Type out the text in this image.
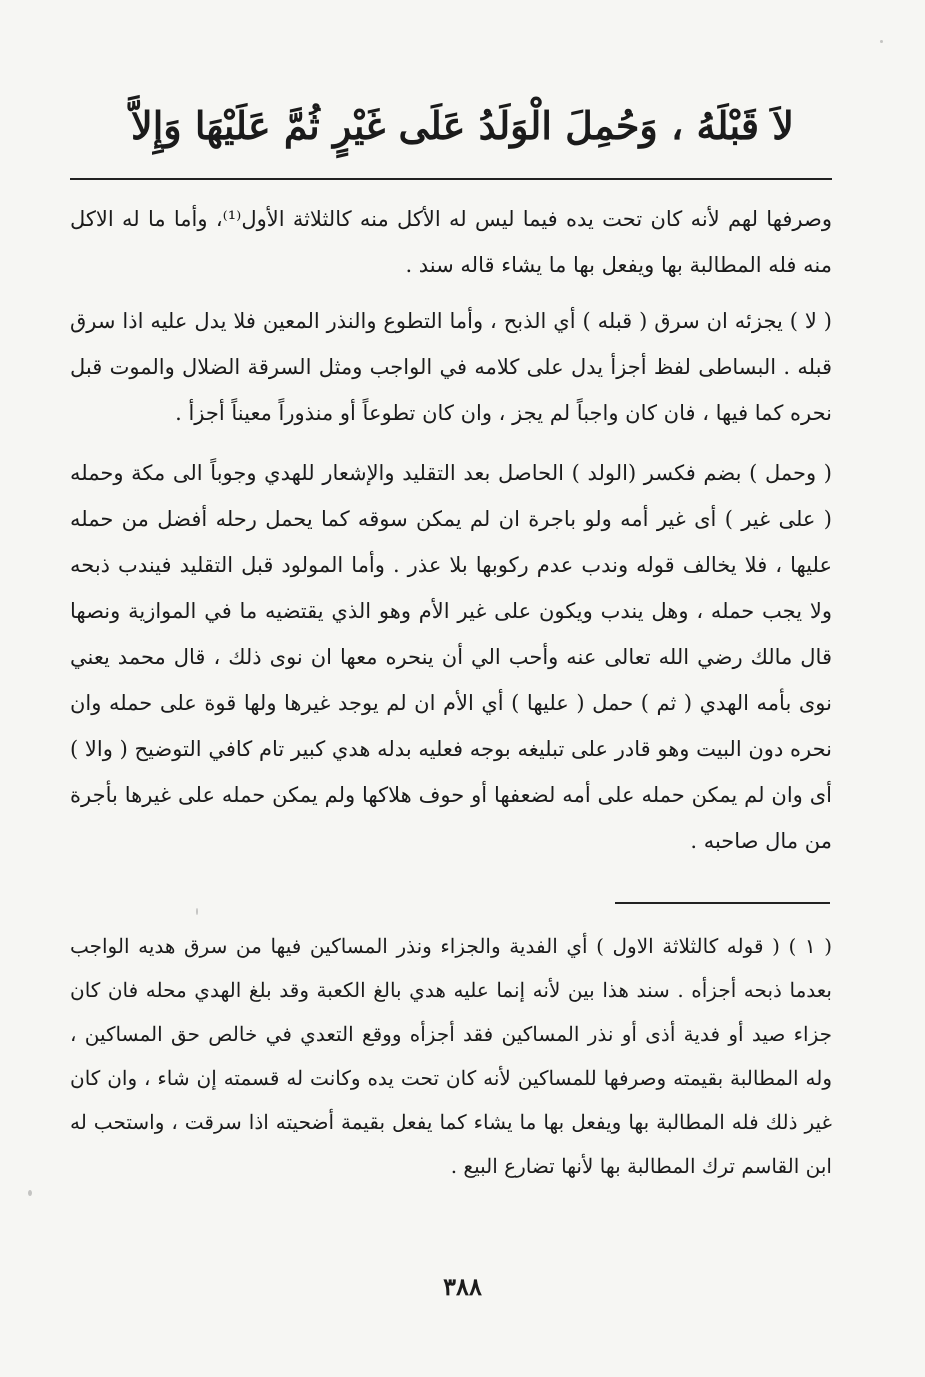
لاَ قَبْلَهُ ، وَحُمِلَ الْوَلَدُ عَلَى غَيْرٍ ثُمَّ عَلَيْهَا وَإِلاَّ

وصرفها لهم لأنه كان تحت يده فيما ليس له الأكل منه كالثلاثة الأول⁽¹⁾، وأما ما له الاكل منه فله المطالبة بها ويفعل بها ما يشاء قاله سند .

( لا ) يجزئه ان سرق ( قبله ) أي الذبح ، وأما التطوع والنذر المعين فلا يدل عليه اذا سرق قبله . البساطى لفظ أجزأ يدل على كلامه في الواجب ومثل السرقة الضلال والموت قبل نحره كما فيها ، فان كان واجباً لم يجز ، وان كان تطوعاً أو منذوراً معيناً أجزأ .

( وحمل ) بضم فكسر (الولد ) الحاصل بعد التقليد والإشعار للهدي وجوباً الى مكة وحمله ( على غير ) أى غير أمه ولو باجرة ان لم يمكن سوقه كما يحمل رحله أفضل من حمله عليها ، فلا يخالف قوله وندب عدم ركوبها بلا عذر . وأما المولود قبل التقليد فيندب ذبحه ولا يجب حمله ، وهل يندب ويكون على غير الأم وهو الذي يقتضيه ما في الموازية ونصها قال مالك رضي الله تعالى عنه وأحب الي أن ينحره معها ان نوى ذلك ، قال محمد يعني نوى بأمه الهدي ( ثم ) حمل ( عليها ) أي الأم ان لم يوجد غيرها ولها قوة على حمله وان نحره دون البيت وهو قادر على تبليغه بوجه فعليه بدله هدي كبير تام كافي التوضيح ( والا ) أى وان لم يمكن حمله على أمه لضعفها أو حوف هلاكها ولم يمكن حمله على غيرها بأجرة من مال صاحبه .

( ١ ) ( قوله كالثلاثة الاول ) أي الفدية والجزاء ونذر المساكين فيها من سرق هديه الواجب بعدما ذبحه أجزأه . سند هذا بين لأنه إنما عليه هدي بالغ الكعبة وقد بلغ الهدي محله فان كان جزاء صيد أو فدية أذى أو نذر المساكين فقد أجزأه ووقع التعدي في خالص حق المساكين ، وله المطالبة بقيمته وصرفها للمساكين لأنه كان تحت يده وكانت له قسمته إن شاء ، وان كان غير ذلك فله المطالبة بها ويفعل بها ما يشاء كما يفعل بقيمة أضحيته اذا سرقت ، واستحب له ابن القاسم ترك المطالبة بها لأنها تضارع البيع .

٣٨٨
